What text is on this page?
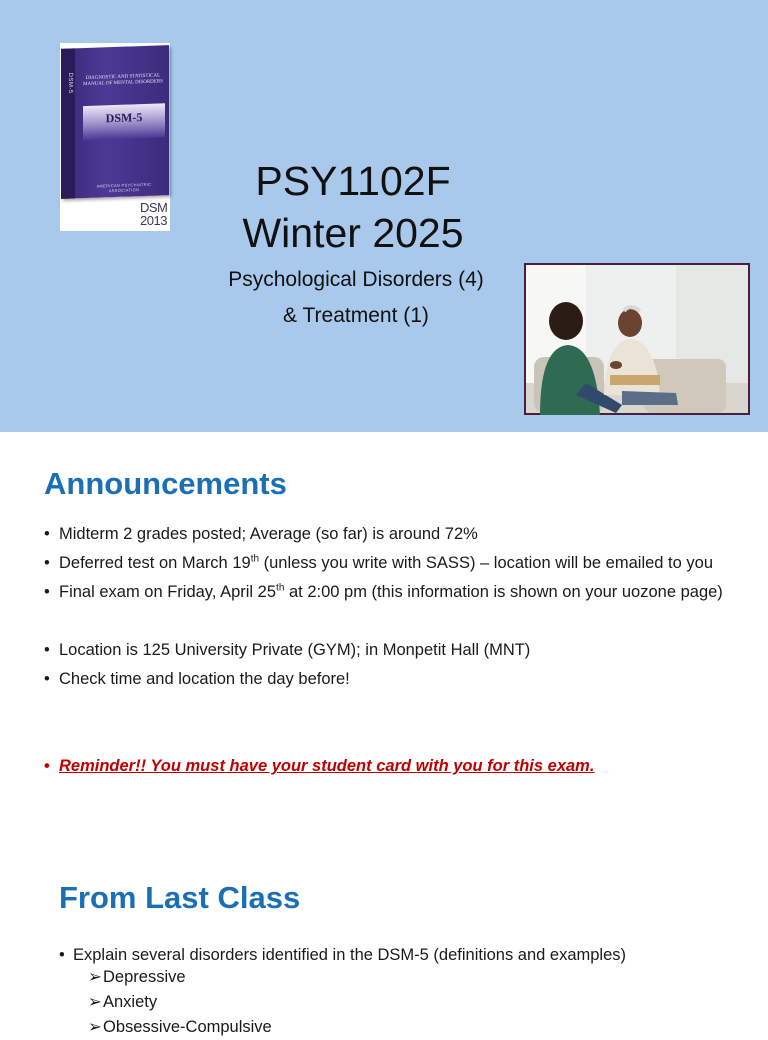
DSM-5	DIAGNOSTIC AND STATISTICAL MANUAL OF MENTAL DISORDERS
DSM-5
AMERICAN PSYCHIATRIC ASSOCIATION
DSM
2013
PSY1102F
Winter 2025
Psychological Disorders (4)
& Treatment (1)
Announcements
• Midterm 2 grades posted; Average (so far) is around 72%
• Deferred test on March 19th (unless you write with SASS) – location will be emailed to you
• Final exam on Friday, April 25th at 2:00 pm (this information is shown on your uozone page)
• Location is 125 University Private (GYM); in Monpetit Hall (MNT)
• Check time and location the day before!
• Reminder!! You must have your student card with you for this exam.
From Last Class
• Explain several disorders identified in the DSM-5 (definitions and examples)
➢Depressive
➢Anxiety
➢Obsessive-Compulsive
